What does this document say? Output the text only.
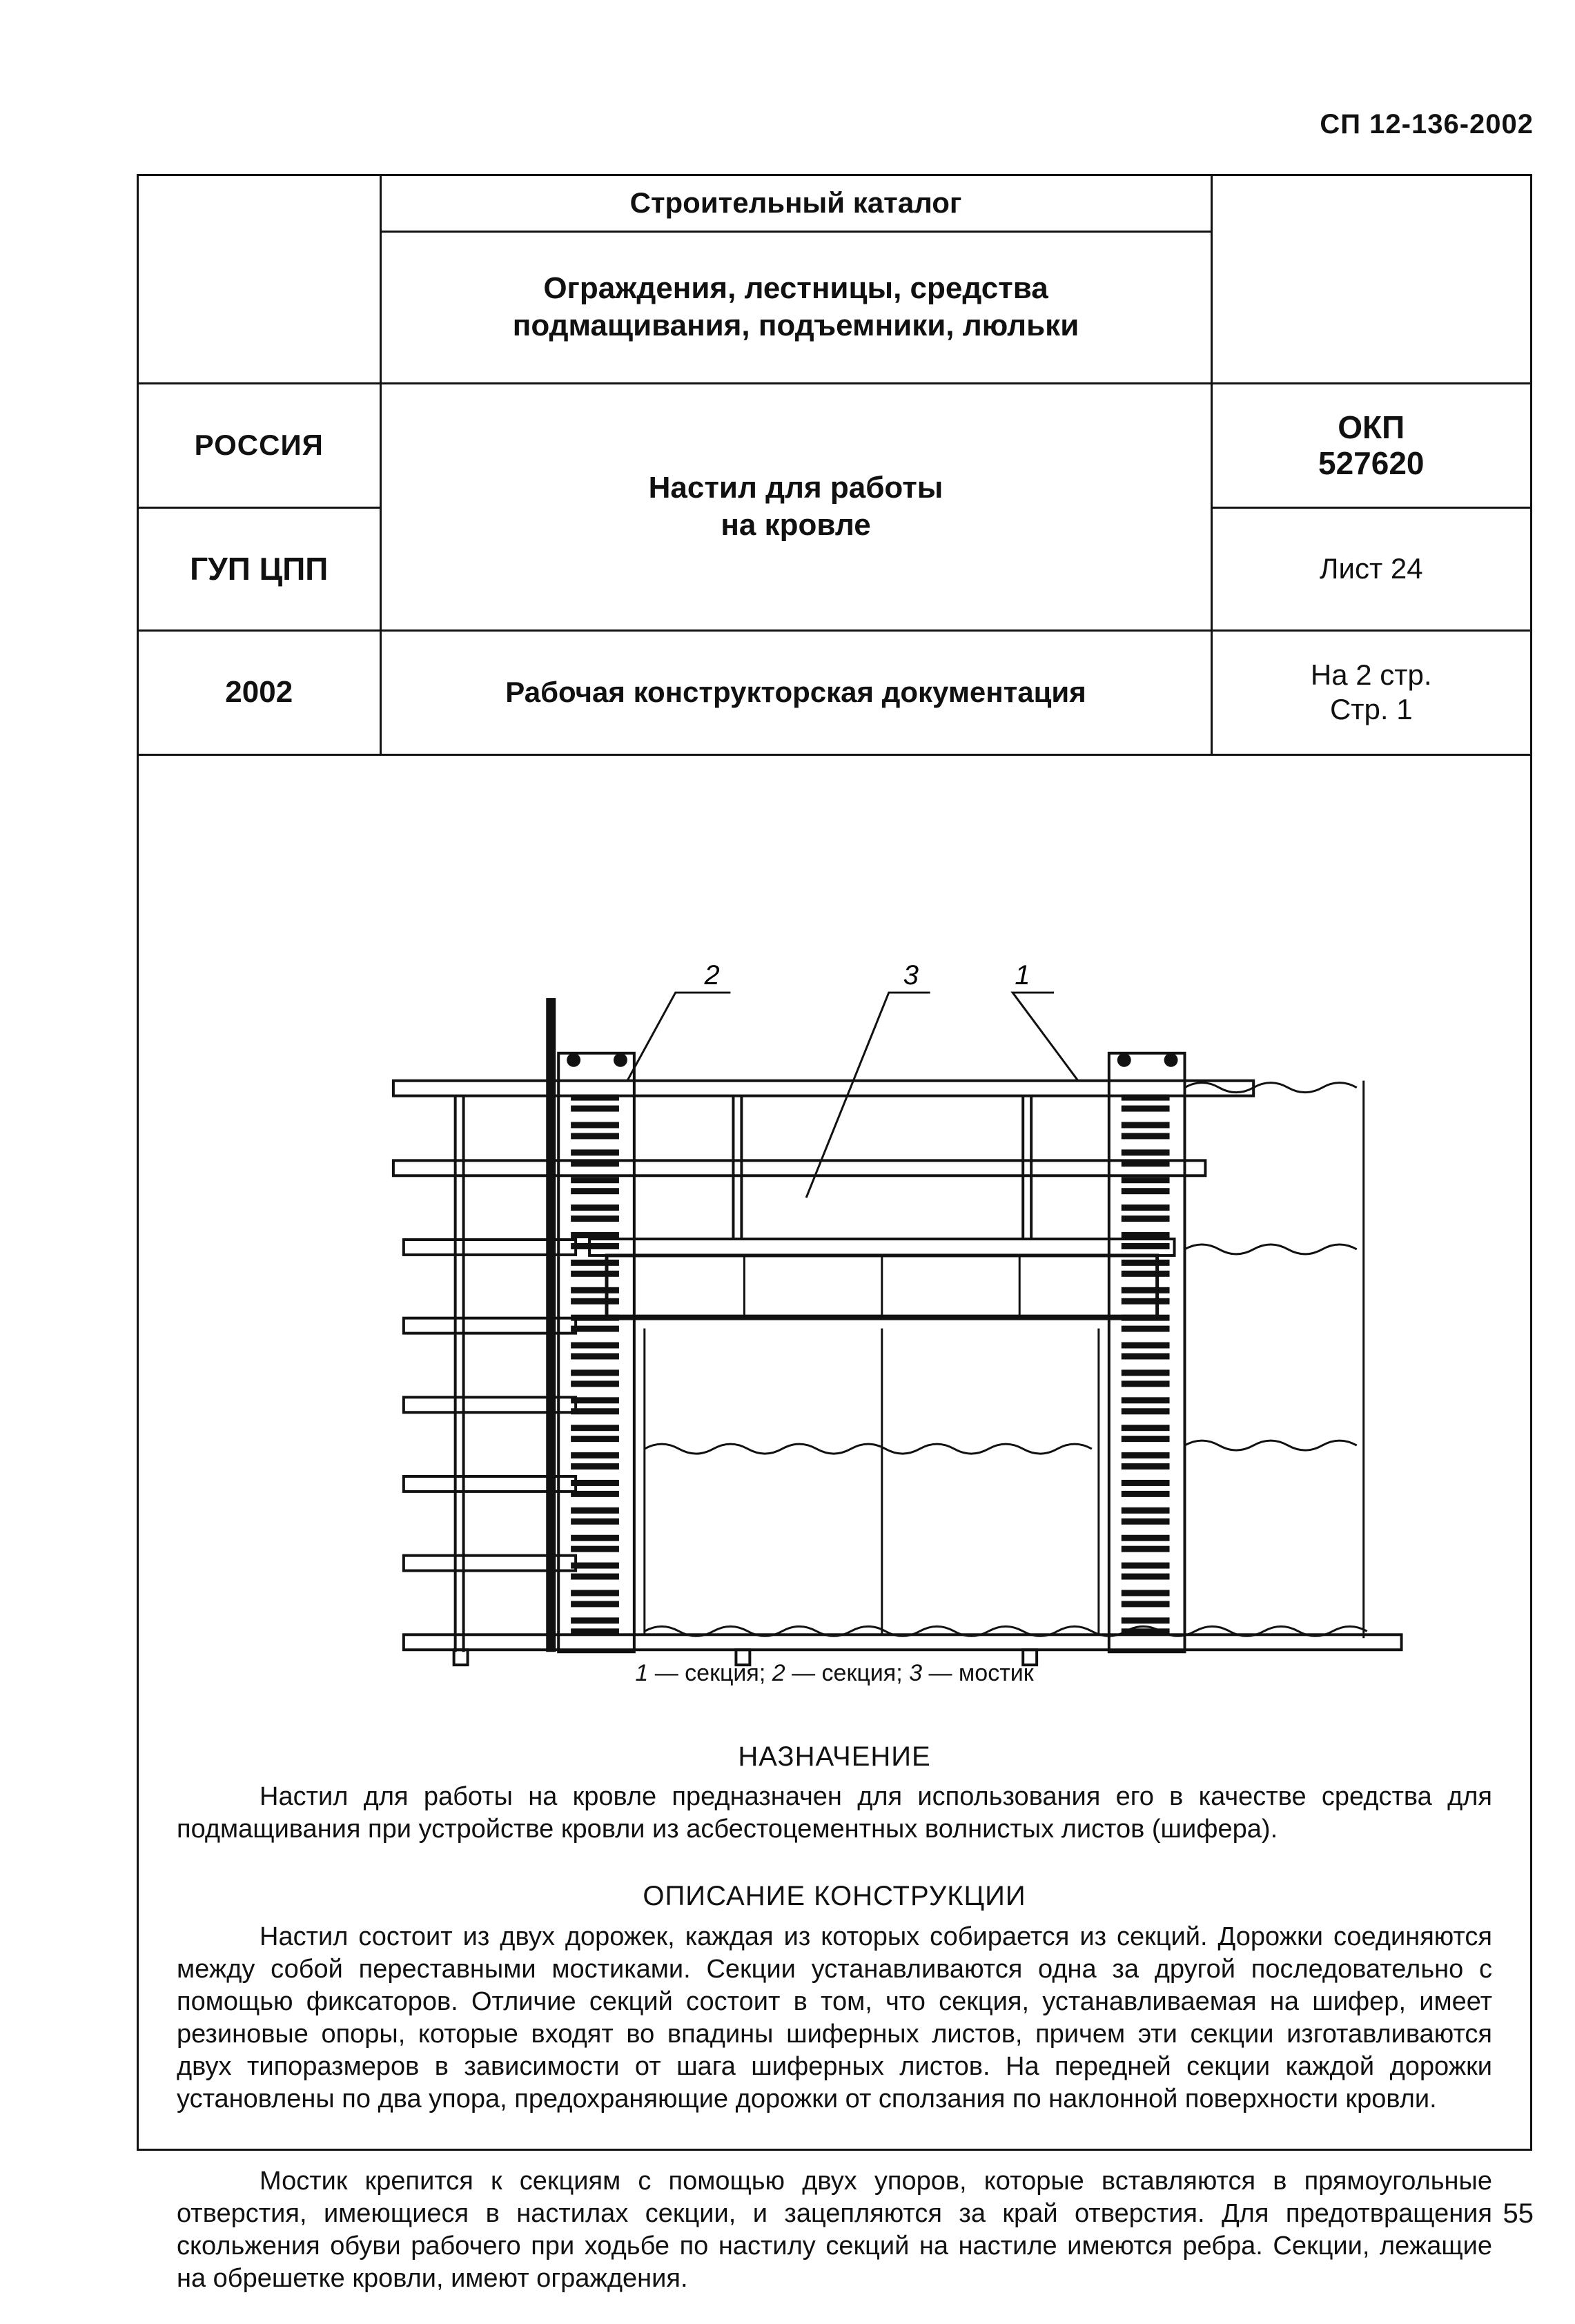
СП 12-136-2002
	Строительный каталог	
	Ограждения, лестницы, средства подмащивания, подъемники, люльки	
РОССИЯ	Настил для работы на кровле	ОКП
527620

ГУП ЦПП		Лист 24
2002	Рабочая конструкторская документация	На 2 стр.
Стр. 1
2	3	1
1 — секция; 2 — секция; 3 — мостик
НАЗНАЧЕНИЕ

Настил для работы на кровле предназначен для использования его в качестве средства для подмащивания при устройстве кровли из асбестоцементных волнистых листов (шифера).

ОПИСАНИЕ КОНСТРУКЦИИ

Настил состоит из двух дорожек, каждая из которых собирается из секций. Дорожки соединяются между собой переставными мостиками. Секции устанавливаются одна за другой последовательно с помощью фиксаторов. Отличие секций состоит в том, что секция, устанавливаемая на шифер, имеет резиновые опоры, которые входят во впадины шиферных листов, причем эти секции изготавливаются двух типоразмеров в зависимости от шага шиферных листов. На передней секции каждой дорожки установлены по два упора, предохраняющие дорожки от сползания по наклонной поверхности кровли.

Мостик крепится к секциям с помощью двух упоров, которые вставляются в прямоугольные отверстия, имеющиеся в настилах секции, и зацепляются за край отверстия. Для предотвращения скольжения обуви рабочего при ходьбе по настилу секций на настиле имеются ребра. Секции, лежащие на обрешетке кровли, имеют ограждения.

55
